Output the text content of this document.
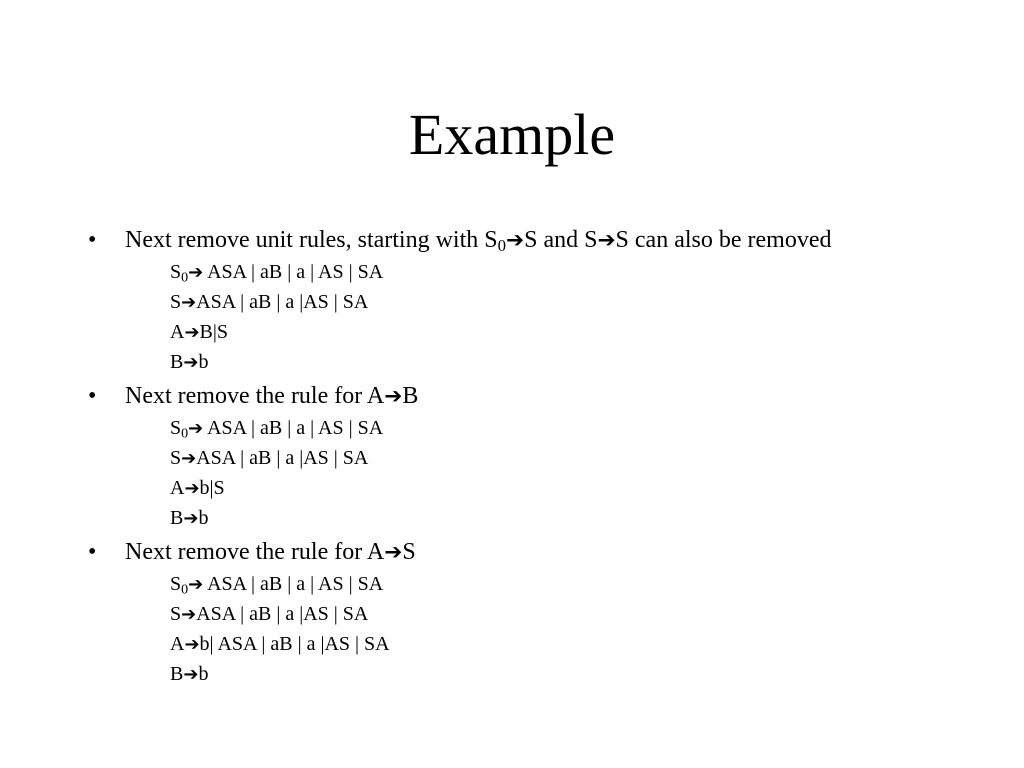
Example
• Next remove unit rules, starting with $S_0➔S$ and S➔S can also be removed
$S_0➔$ ASA | aB | a | AS | SA
S➔ASA | aB | a |AS | SA
A➔B|S
B➔b
• Next remove the rule for A➔B
$S_0➔$ ASA | aB | a | AS | SA
S➔ASA | aB | a |AS | SA
A➔b|S
B➔b
• Next remove the rule for A➔S
$S_0➔$ ASA | aB | a | AS | SA
S➔ASA | aB | a |AS | SA
A➔b| ASA | aB | a |AS | SA
B➔b
